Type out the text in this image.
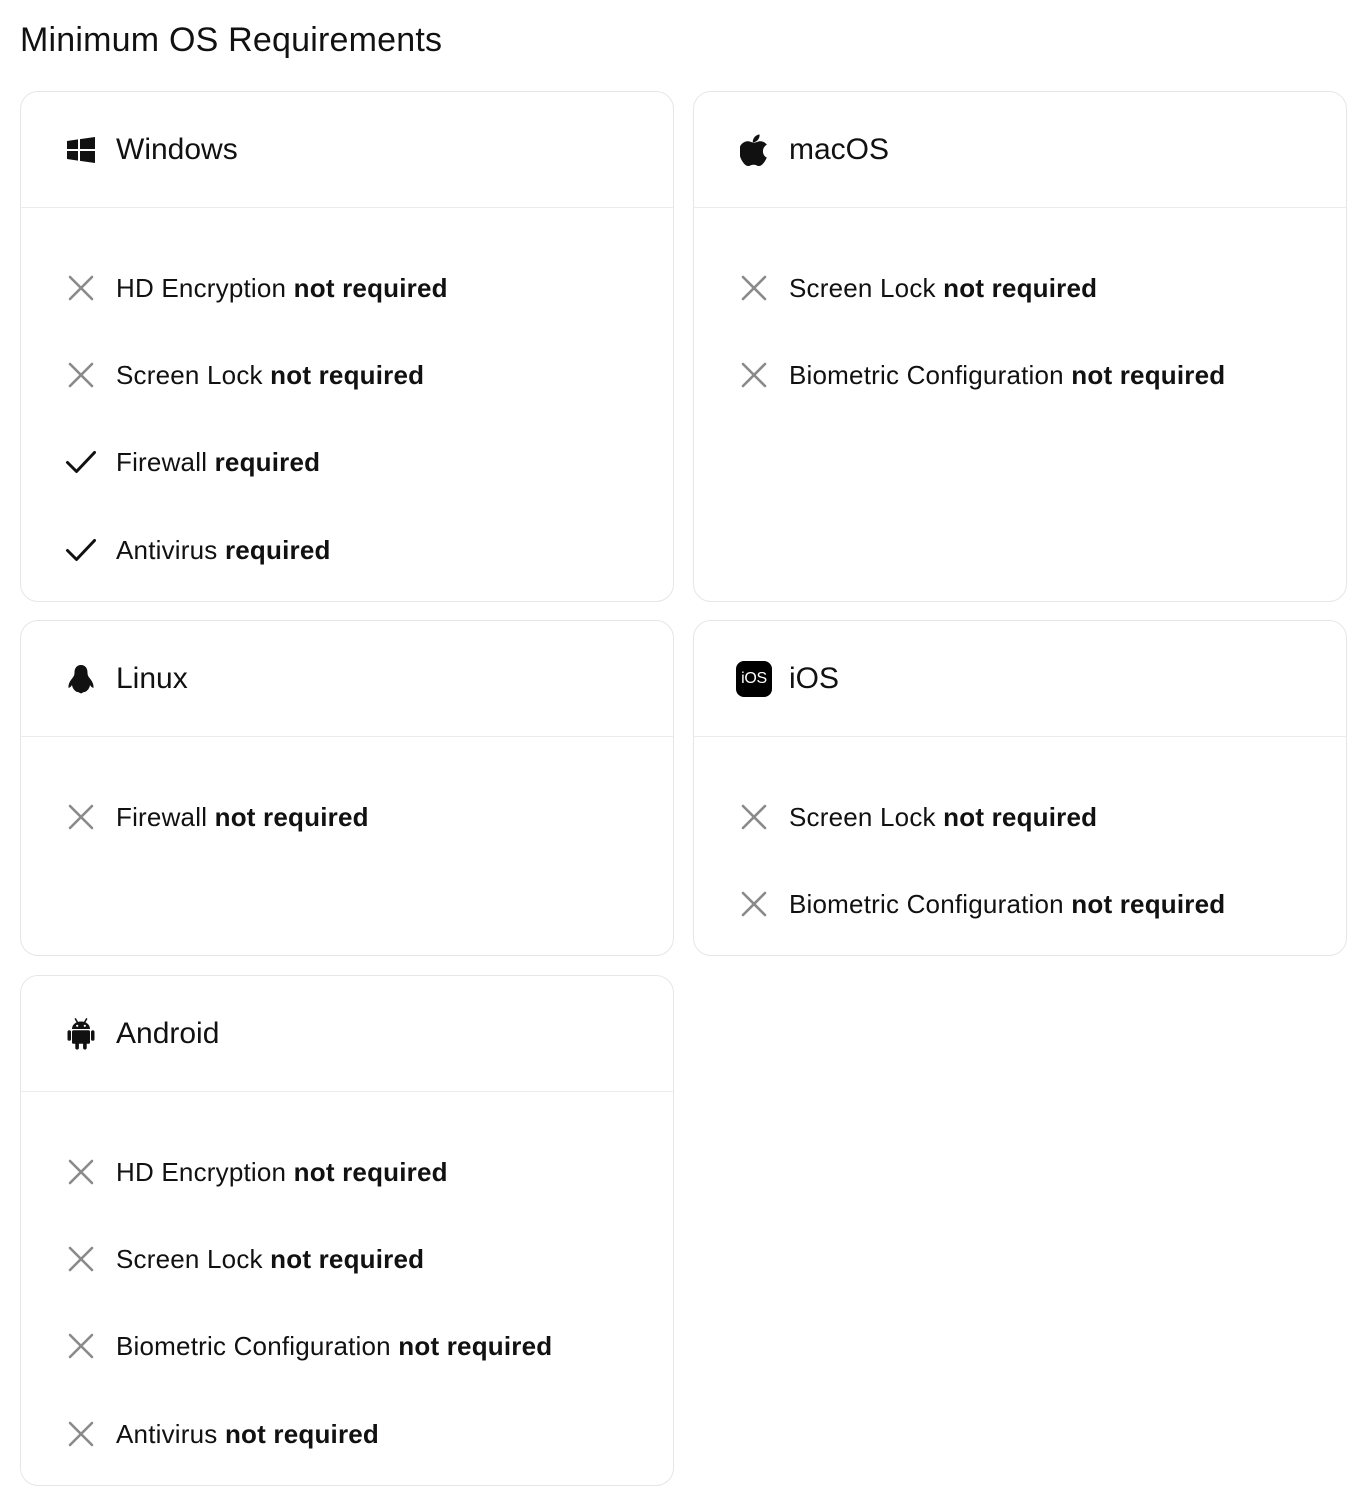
Minimum OS Requirements
Windows
HD Encryption not required
Screen Lock not required
Firewall required
Antivirus required
macOS
Screen Lock not required
Biometric Configuration not required
Linux
Firewall not required
iOS iOS
Screen Lock not required
Biometric Configuration not required
Android
HD Encryption not required
Screen Lock not required
Biometric Configuration not required
Antivirus not required
